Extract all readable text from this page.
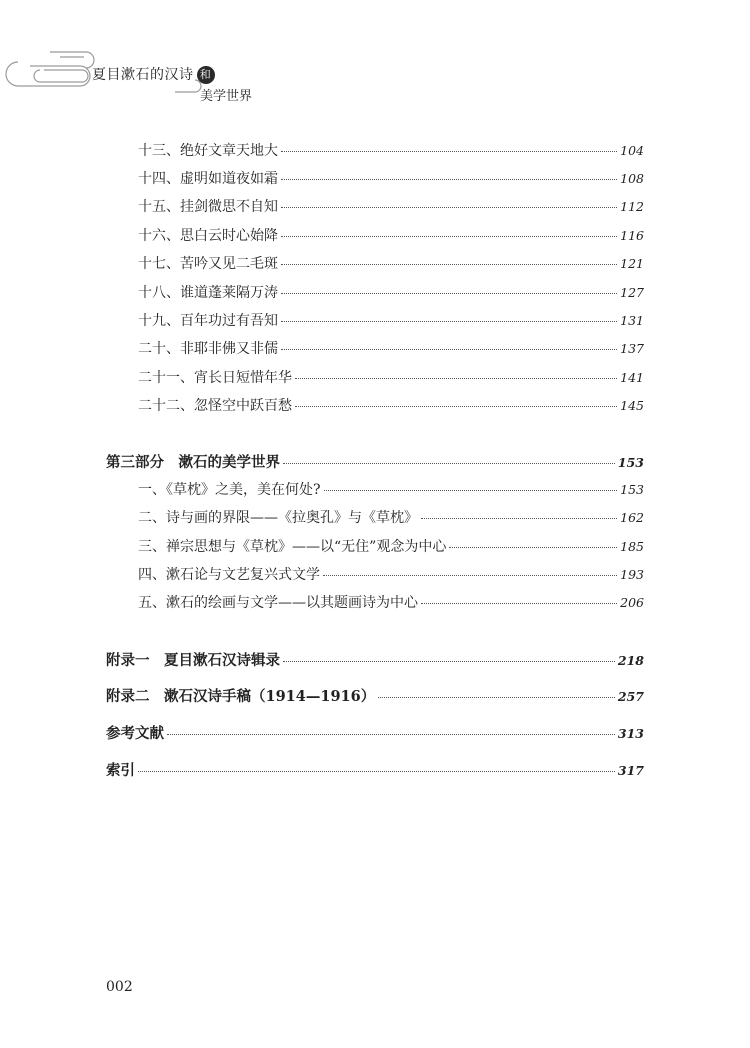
夏目漱石的汉诗 和
美学世界
十三、绝好文章天地大	104
十四、虚明如道夜如霜	108
十五、挂剑微思不自知	112
十六、思白云时心始降	116
十七、苦吟又见二毛斑	121
十八、谁道蓬莱隔万涛	127
十九、百年功过有吾知	131
二十、非耶非佛又非儒	137
二十一、宵长日短惜年华	141
二十二、忽怪空中跃百愁	145
第三部分　漱石的美学世界	153
一、《草枕》之美，美在何处?	153
二、诗与画的界限——《拉奥孔》与《草枕》	162
三、禅宗思想与《草枕》——以“无住”观念为中心	185
四、漱石论与文艺复兴式文学	193
五、漱石的绘画与文学——以其题画诗为中心	206
附录一　夏目漱石汉诗辑录	218
附录二　漱石汉诗手稿（1914—1916）	257
参考文献	313
索引	317
002
